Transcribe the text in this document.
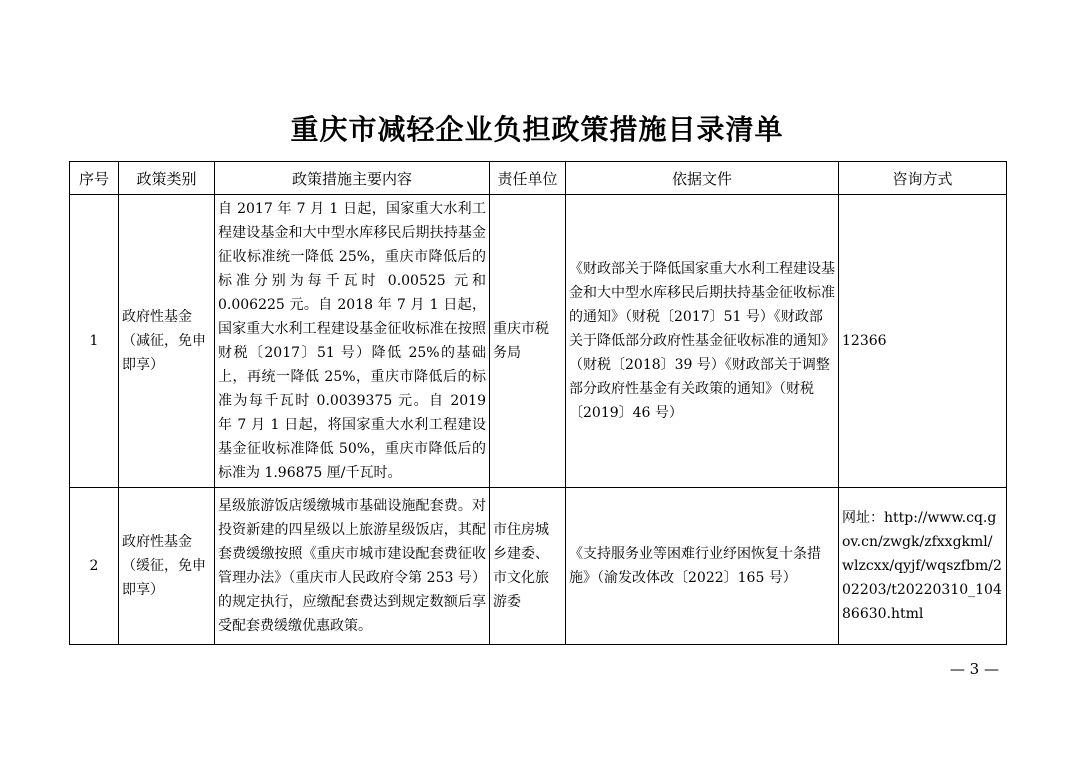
重庆市减轻企业负担政策措施目录清单
序号	政策类别	政策措施主要内容	责任单位	依据文件	咨询方式
1	政府性基金（减征，免申即享）	自 2017 年 7 月 1 日起，国家重大水利工程建设基金和大中型水库移民后期扶持基金征收标准统一降低 25%，重庆市降低后的标准分别为每千瓦时 0.00525 元和 0.006225 元。自 2018 年 7 月 1 日起，国家重大水利工程建设基金征收标准在按照财税〔2017〕51 号）降低 25%的基础上，再统一降低 25%，重庆市降低后的标准为每千瓦时 0.0039375 元。自 2019 年 7 月 1 日起，将国家重大水利工程建设基金征收标准降低 50%，重庆市降低后的标准为 1.96875 厘/千瓦时。	重庆市税务局	《财政部关于降低国家重大水利工程建设基金和大中型水库移民后期扶持基金征收标准的通知》（财税〔2017〕51 号）《财政部关于降低部分政府性基金征收标准的通知》（财税〔2018〕39 号）《财政部关于调整部分政府性基金有关政策的通知》（财税〔2019〕46 号）	12366
2	政府性基金（缓征，免申即享）	星级旅游饭店缓缴城市基础设施配套费。对投资新建的四星级以上旅游星级饭店，其配套费缓缴按照《重庆市城市建设配套费征收管理办法》（重庆市人民政府令第 253 号）的规定执行，应缴配套费达到规定数额后享受配套费缓缴优惠政策。	市住房城乡建委、市文化旅游委	《支持服务业等困难行业纾困恢复十条措施》（渝发改体改〔2022〕165 号）	网址：http://www.cq.gov.cn/zwgk/zfxxgkml/wlzcxx/qyjf/wqszfbm/202203/t20220310_10486630.html
— 3 —
